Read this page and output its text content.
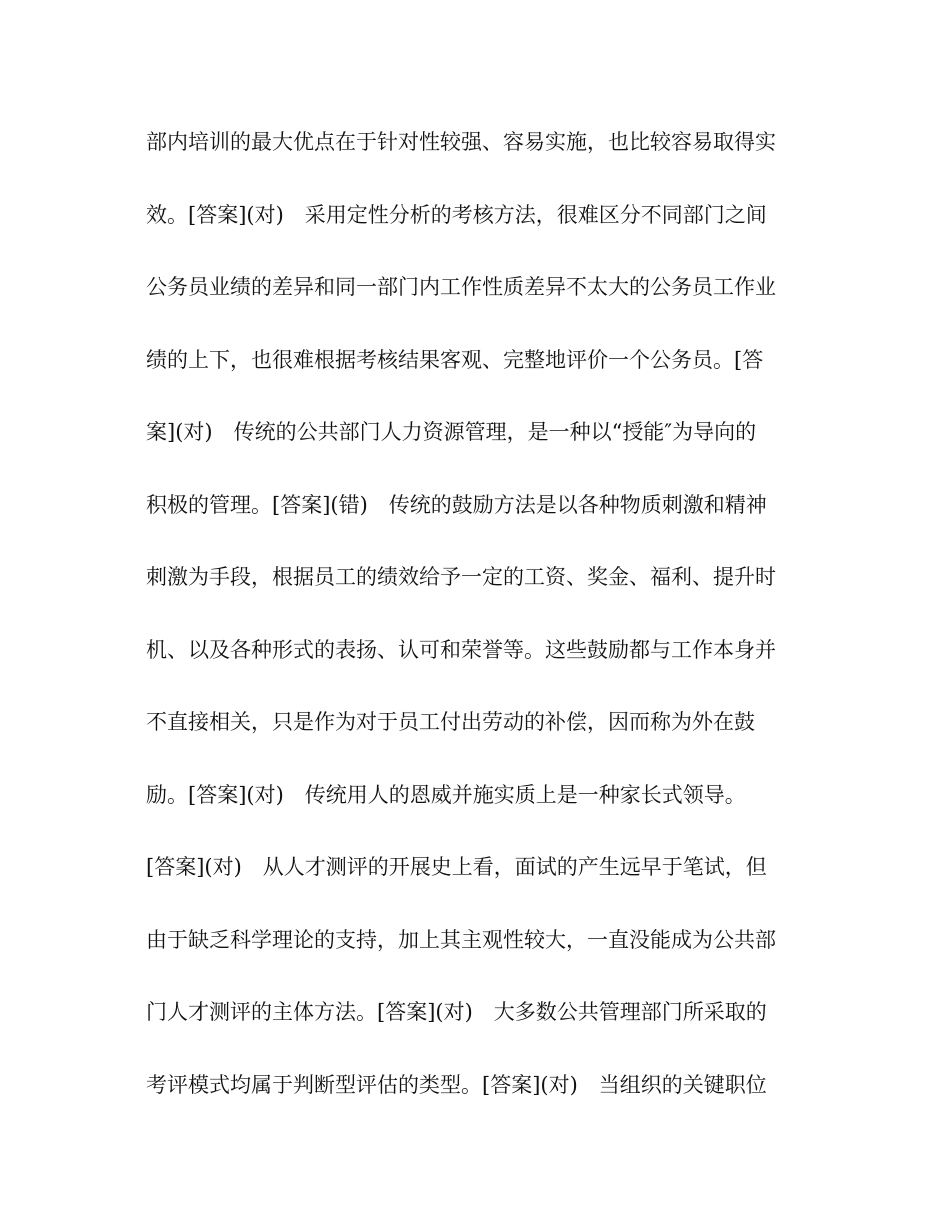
部内培训的最大优点在于针对性较强、容易实施，也比较容易取得实
效。[答案](对)　采用定性分析的考核方法，很难区分不同部门之间
公务员业绩的差异和同一部门内工作性质差异不太大的公务员工作业
绩的上下，也很难根据考核结果客观、完整地评价一个公务员。[答
案](对)　传统的公共部门人力资源管理，是一种以“授能″为导向的
积极的管理。[答案](错)　传统的鼓励方法是以各种物质刺激和精神
刺激为手段，根据员工的绩效给予一定的工资、奖金、福利、提升时
机、以及各种形式的表扬、认可和荣誉等。这些鼓励都与工作本身并
不直接相关，只是作为对于员工付出劳动的补偿，因而称为外在鼓
励。[答案](对)　传统用人的恩威并施实质上是一种家长式领导。
[答案](对)　从人才测评的开展史上看，面试的产生远早于笔试，但
由于缺乏科学理论的支持，加上其主观性较大，一直没能成为公共部
门人才测评的主体方法。[答案](对)　大多数公共管理部门所采取的
考评模式均属于判断型评估的类型。[答案](对)　当组织的关键职位
